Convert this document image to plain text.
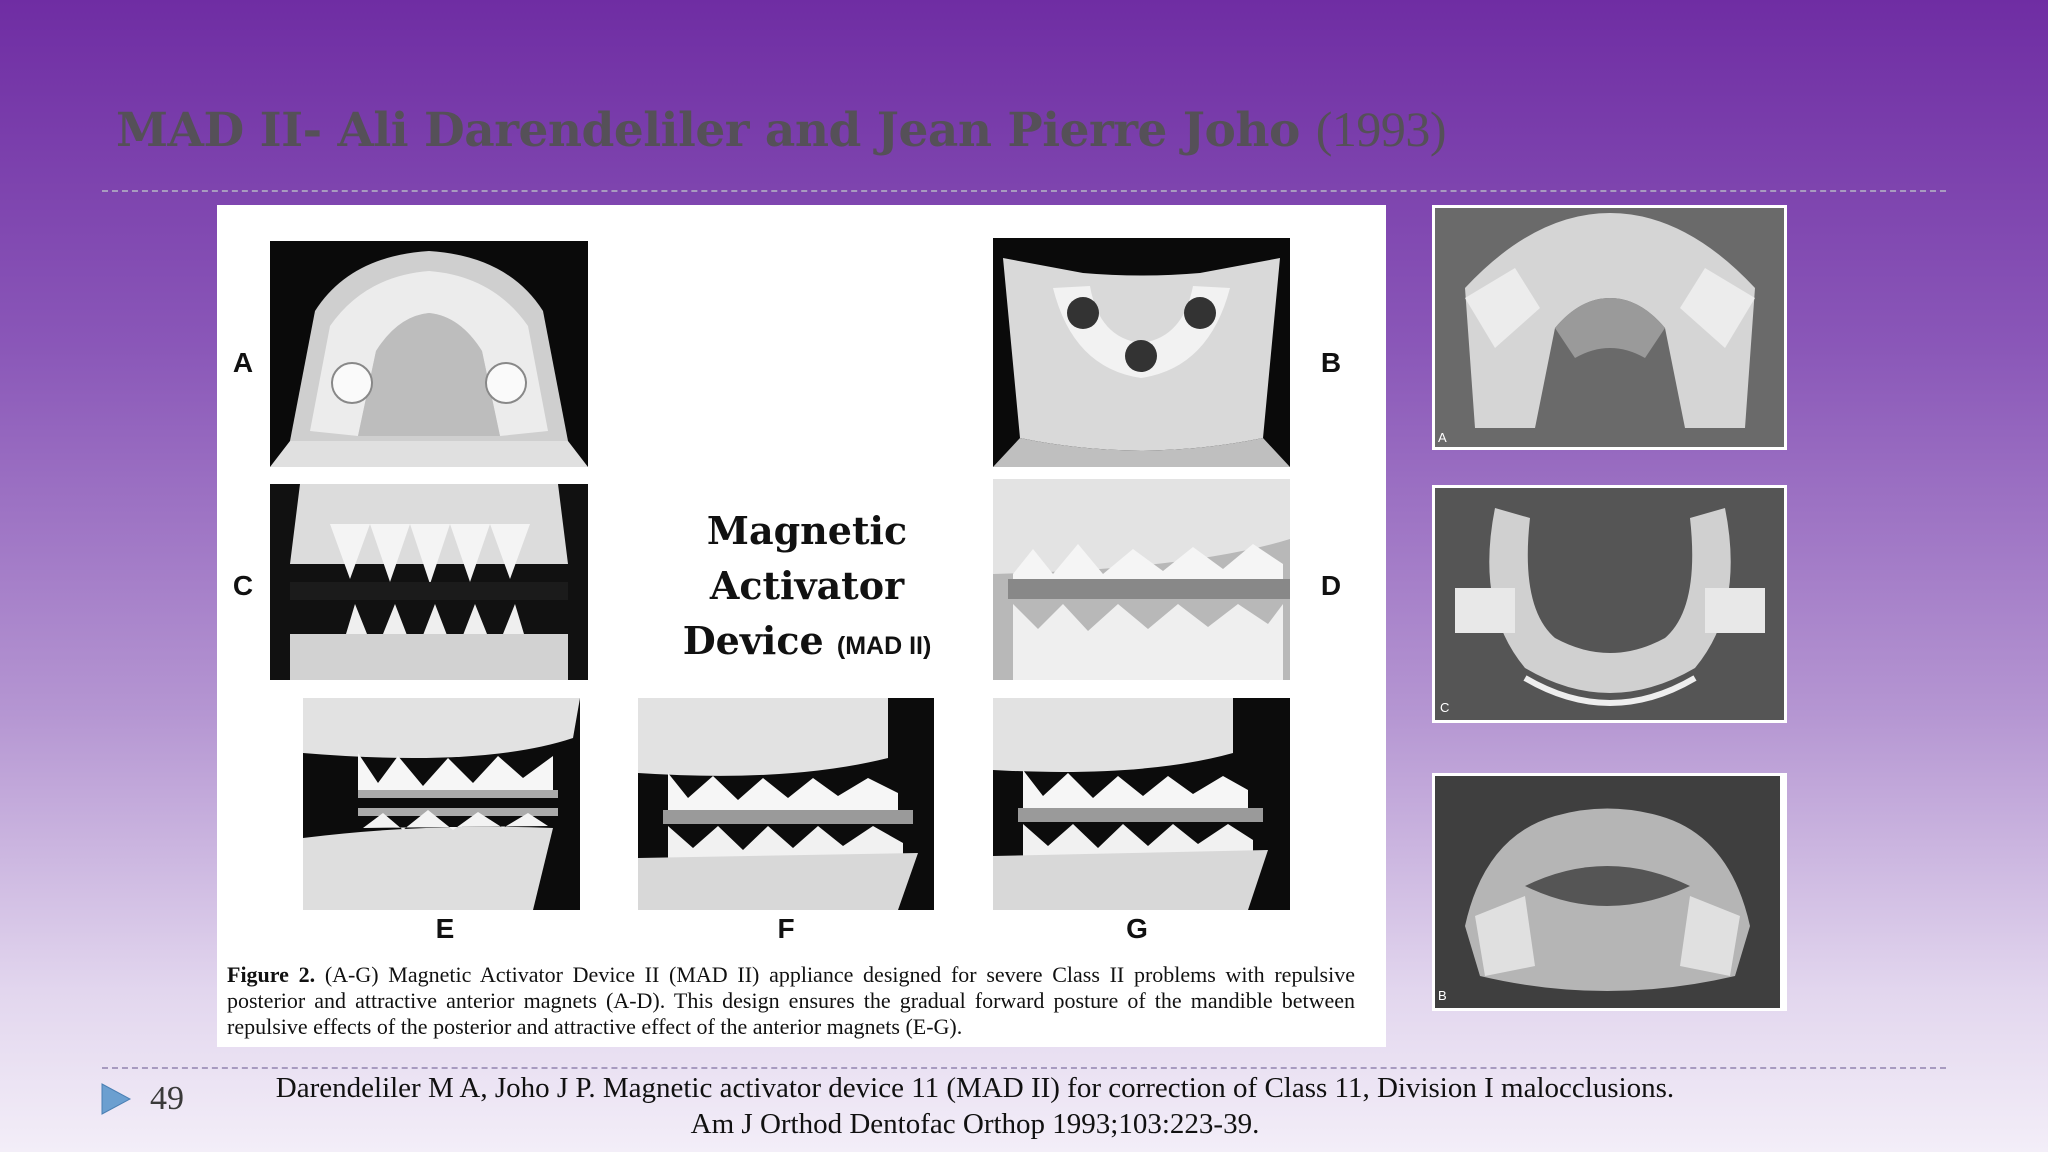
MAD II- Ali Darendeliler and Jean Pierre Joho (1993)
A	B
C
Magnetic
Activator
Device (MAD II)
D
E	F	G
Figure 2. (A-G) Magnetic Activator Device II (MAD II) appliance designed for severe Class II problems with repulsive posterior and attractive anterior magnets (A-D). This design ensures the gradual forward posture of the mandible between repulsive effects of the posterior and attractive effect of the anterior magnets (E-G).
A
C
B
49	Darendeliler M A, Joho J P. Magnetic activator device 11 (MAD II) for correction of Class 11, Division I malocclusions.
Am J Orthod Dentofac Orthop 1993;103:223-39.
